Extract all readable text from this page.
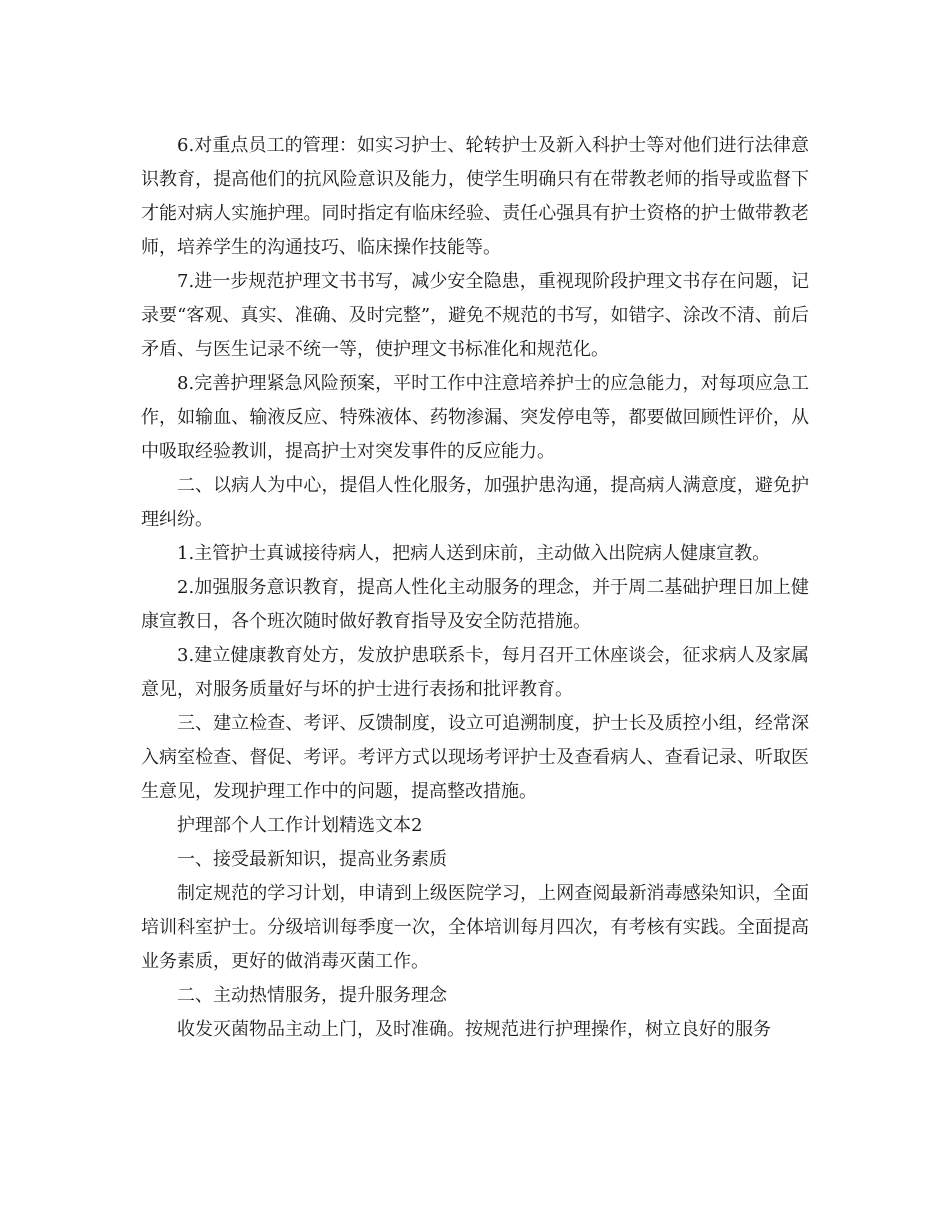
6.对重点员工的管理：如实习护士、轮转护士及新入科护士等对他们进行法律意识教育，提高他们的抗风险意识及能力，使学生明确只有在带教老师的指导或监督下才能对病人实施护理。同时指定有临床经验、责任心强具有护士资格的护士做带教老师，培养学生的沟通技巧、临床操作技能等。

7.进一步规范护理文书书写，减少安全隐患，重视现阶段护理文书存在问题，记录要“客观、真实、准确、及时完整”，避免不规范的书写，如错字、涂改不清、前后矛盾、与医生记录不统一等，使护理文书标准化和规范化。

8.完善护理紧急风险预案，平时工作中注意培养护士的应急能力，对每项应急工作，如输血、输液反应、特殊液体、药物渗漏、突发停电等，都要做回顾性评价，从中吸取经验教训，提高护士对突发事件的反应能力。

二、以病人为中心，提倡人性化服务，加强护患沟通，提高病人满意度，避免护理纠纷。

1.主管护士真诚接待病人，把病人送到床前，主动做入出院病人健康宣教。

2.加强服务意识教育，提高人性化主动服务的理念，并于周二基础护理日加上健康宣教日，各个班次随时做好教育指导及安全防范措施。

3.建立健康教育处方，发放护患联系卡，每月召开工休座谈会，征求病人及家属意见，对服务质量好与坏的护士进行表扬和批评教育。

三、建立检查、考评、反馈制度，设立可追溯制度，护士长及质控小组，经常深入病室检查、督促、考评。考评方式以现场考评护士及查看病人、查看记录、听取医生意见，发现护理工作中的问题，提高整改措施。

护理部个人工作计划精选文本2

一、接受最新知识，提高业务素质

制定规范的学习计划，申请到上级医院学习，上网查阅最新消毒感染知识，全面培训科室护士。分级培训每季度一次，全体培训每月四次，有考核有实践。全面提高业务素质，更好的做消毒灭菌工作。

二、主动热情服务，提升服务理念

收发灭菌物品主动上门，及时准确。按规范进行护理操作，树立良好的服务
